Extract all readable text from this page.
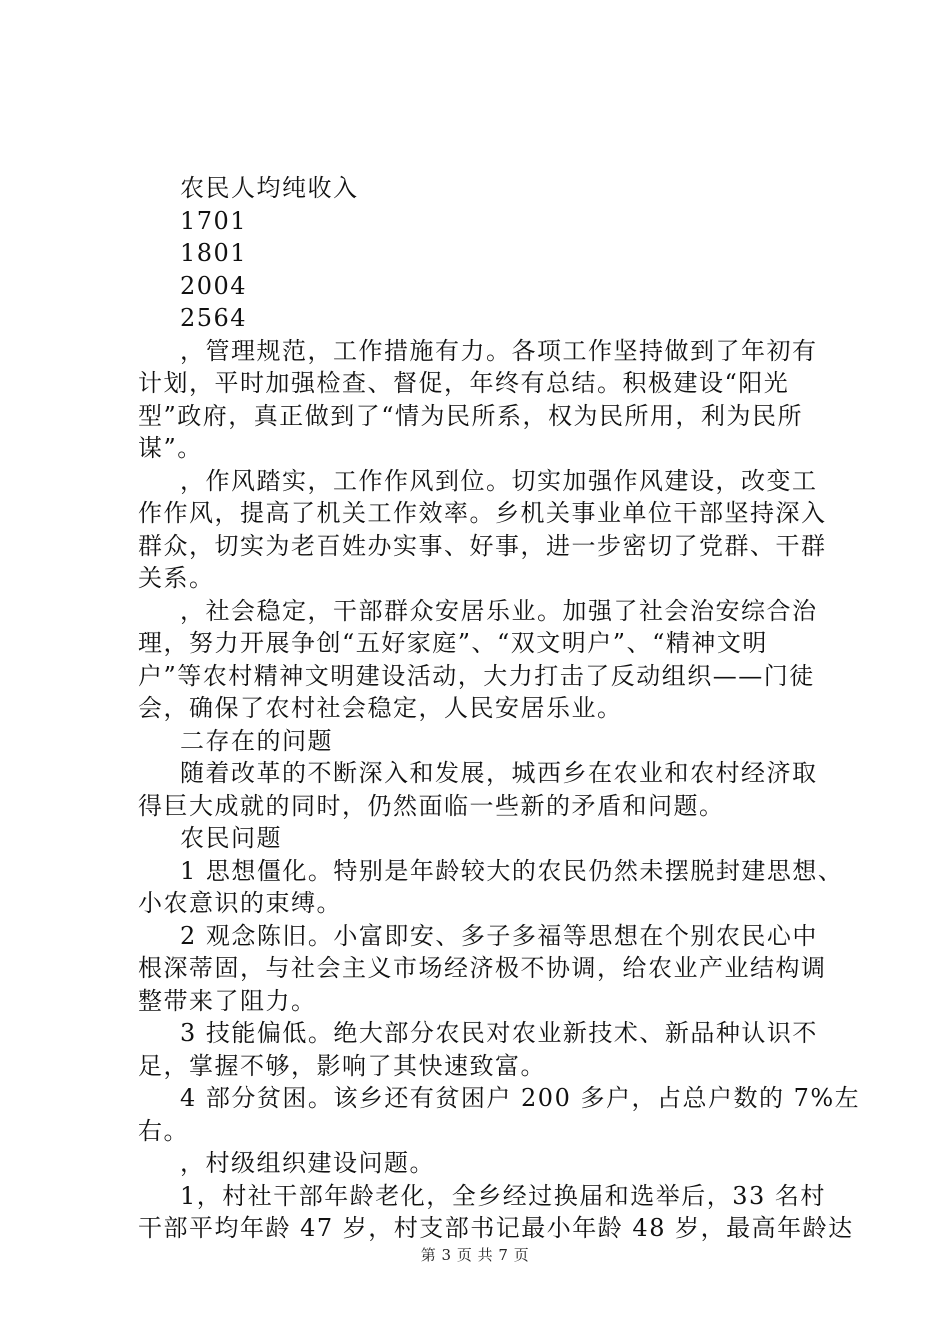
农民人均纯收入
1701
1801
2004
2564
，管理规范，工作措施有力。各项工作坚持做到了年初有
计划，平时加强检查、督促，年终有总结。积极建设“阳光
型”政府，真正做到了“情为民所系，权为民所用，利为民所
谋”。
，作风踏实，工作作风到位。切实加强作风建设，改变工
作作风，提高了机关工作效率。乡机关事业单位干部坚持深入
群众，切实为老百姓办实事、好事，进一步密切了党群、干群
关系。
，社会稳定，干部群众安居乐业。加强了社会治安综合治
理，努力开展争创“五好家庭”、“双文明户”、“精神文明
户”等农村精神文明建设活动，大力打击了反动组织——门徒
会，确保了农村社会稳定，人民安居乐业。
二存在的问题
随着改革的不断深入和发展，城西乡在农业和农村经济取
得巨大成就的同时，仍然面临一些新的矛盾和问题。
农民问题
1 思想僵化。特别是年龄较大的农民仍然未摆脱封建思想、
小农意识的束缚。
2 观念陈旧。小富即安、多子多福等思想在个别农民心中
根深蒂固，与社会主义市场经济极不协调，给农业产业结构调
整带来了阻力。
3 技能偏低。绝大部分农民对农业新技术、新品种认识不
足，掌握不够，影响了其快速致富。
4 部分贫困。该乡还有贫困户 200 多户，占总户数的 7%左
右。
，村级组织建设问题。
1，村社干部年龄老化，全乡经过换届和选举后，33 名村
干部平均年龄 47 岁，村支部书记最小年龄 48 岁，最高年龄达
第 3 页 共 7 页
